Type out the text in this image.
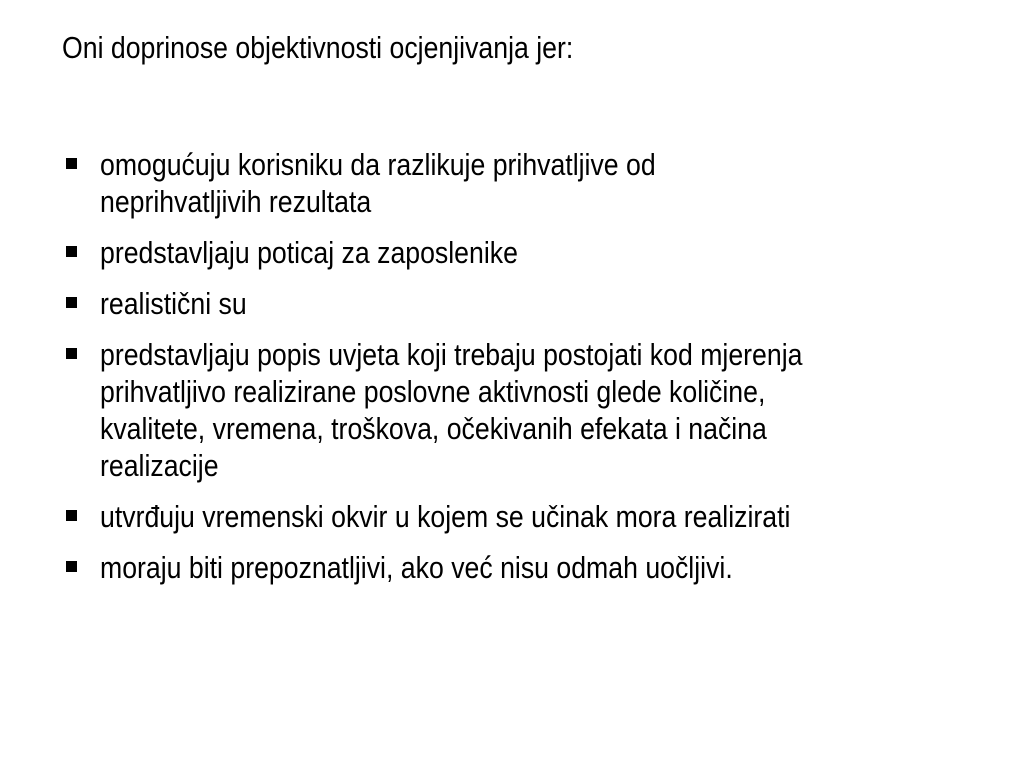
Oni doprinose objektivnosti ocjenjivanja jer:
omogućuju korisniku da razlikuje prihvatljive od
neprihvatljivih rezultata
predstavljaju poticaj za zaposlenike
realistični su
predstavljaju popis uvjeta koji trebaju postojati kod mjerenja
prihvatljivo realizirane poslovne aktivnosti glede količine,
kvalitete, vremena, troškova, očekivanih efekata i načina
realizacije
utvrđuju vremenski okvir u kojem se učinak mora realizirati
moraju biti prepoznatljivi, ako već nisu odmah uočljivi.
